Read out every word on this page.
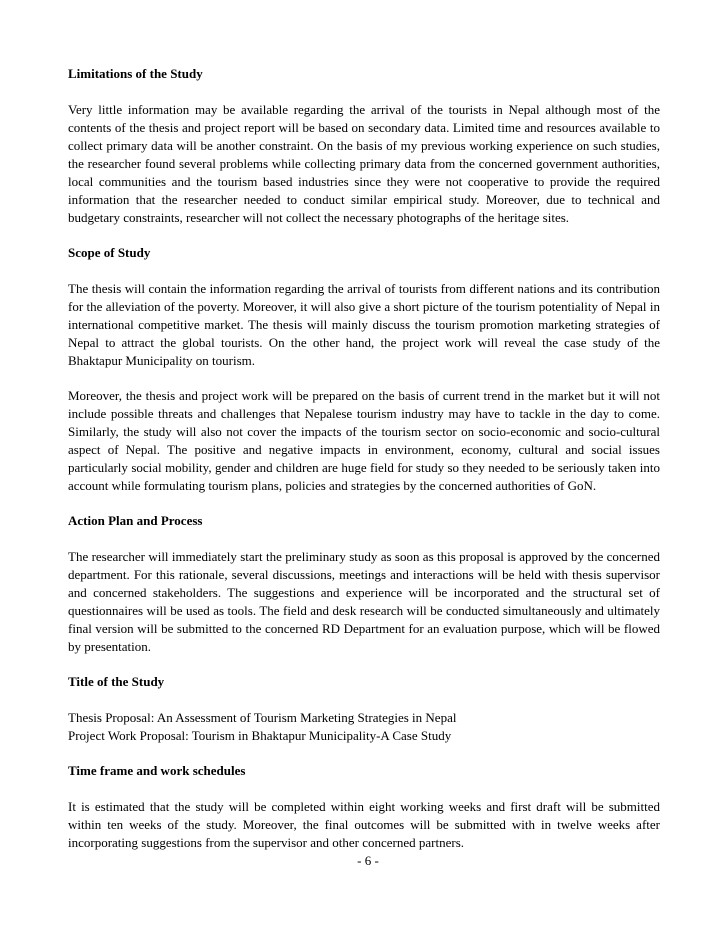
Limitations of the Study
Very little information may be available regarding the arrival of the tourists in Nepal although most of the contents of the thesis and project report will be based on secondary data. Limited time and resources available to collect primary data will be another constraint. On the basis of my previous working experience on such studies, the researcher found several problems while collecting primary data from the concerned government authorities, local communities and the tourism based industries since they were not cooperative to provide the required information that the researcher needed to conduct similar empirical study. Moreover, due to technical and budgetary constraints, researcher will not collect the necessary photographs of the heritage sites.
Scope of Study
The thesis will contain the information regarding the arrival of tourists from different nations and its contribution for the alleviation of the poverty. Moreover, it will also give a short picture of the tourism potentiality of Nepal in international competitive market. The thesis will mainly discuss the tourism promotion marketing strategies of Nepal to attract the global tourists. On the other hand, the project work will reveal the case study of the Bhaktapur Municipality on tourism.
Moreover, the thesis and project work will be prepared on the basis of current trend in the market but it will not include possible threats and challenges that Nepalese tourism industry may have to tackle in the day to come. Similarly, the study will also not cover the impacts of the tourism sector on socio-economic and socio-cultural aspect of Nepal. The positive and negative impacts in environment, economy, cultural and social issues particularly social mobility, gender and children are huge field for study so they needed to be seriously taken into account while formulating tourism plans, policies and strategies by the concerned authorities of GoN.
Action Plan and Process
The researcher will immediately start the preliminary study as soon as this proposal is approved by the concerned department. For this rationale, several discussions, meetings and interactions will be held with thesis supervisor and concerned stakeholders. The suggestions and experience will be incorporated and the structural set of questionnaires will be used as tools. The field and desk research will be conducted simultaneously and ultimately final version will be submitted to the concerned RD Department for an evaluation purpose, which will be flowed by presentation.
Title of the Study
Thesis Proposal: An Assessment of Tourism Marketing Strategies in Nepal
Project Work Proposal: Tourism in Bhaktapur Municipality-A Case Study
Time frame and work schedules
It is estimated that the study will be completed within eight working weeks and first draft will be submitted within ten weeks of the study. Moreover, the final outcomes will be submitted with in twelve weeks after incorporating suggestions from the supervisor and other concerned partners.
- 6 -
